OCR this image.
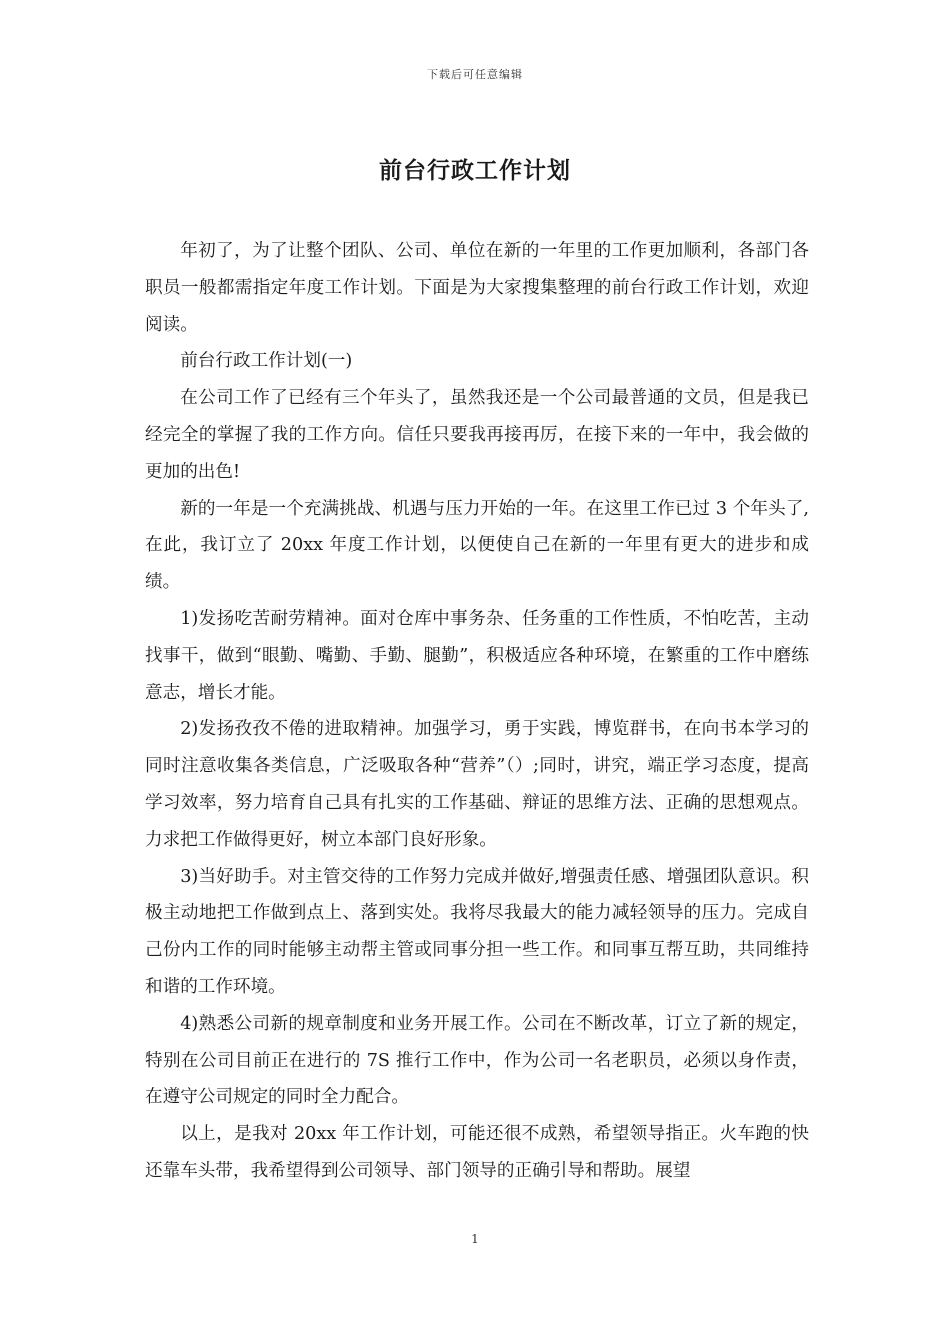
下载后可任意编辑
前台行政工作计划

年初了，为了让整个团队、公司、单位在新的一年里的工作更加顺利，各部门各职员一般都需指定年度工作计划。下面是为大家搜集整理的前台行政工作计划，欢迎阅读。

前台行政工作计划(一)

在公司工作了已经有三个年头了，虽然我还是一个公司最普通的文员，但是我已经完全的掌握了我的工作方向。信任只要我再接再厉，在接下来的一年中，我会做的更加的出色!

新的一年是一个充满挑战、机遇与压力开始的一年。在这里工作已过 3 个年头了,在此，我订立了 20xx 年度工作计划，以便使自己在新的一年里有更大的进步和成绩。

1)发扬吃苦耐劳精神。面对仓库中事务杂、任务重的工作性质，不怕吃苦，主动找事干，做到“眼勤、嘴勤、手勤、腿勤”，积极适应各种环境，在繁重的工作中磨练意志，增长才能。

2)发扬孜孜不倦的进取精神。加强学习，勇于实践，博览群书，在向书本学习的同时注意收集各类信息，广泛吸取各种“营养”（）;同时，讲究，端正学习态度，提高学习效率，努力培育自己具有扎实的工作基础、辩证的思维方法、正确的思想观点。力求把工作做得更好，树立本部门良好形象。

3)当好助手。对主管交待的工作努力完成并做好,增强责任感、增强团队意识。积极主动地把工作做到点上、落到实处。我将尽我最大的能力减轻领导的压力。完成自己份内工作的同时能够主动帮主管或同事分担一些工作。和同事互帮互助，共同维持和谐的工作环境。

4)熟悉公司新的规章制度和业务开展工作。公司在不断改革，订立了新的规定，特别在公司目前正在进行的 7S 推行工作中，作为公司一名老职员，必须以身作责，在遵守公司规定的同时全力配合。

以上，是我对 20xx 年工作计划，可能还很不成熟，希望领导指正。火车跑的快还靠车头带，我希望得到公司领导、部门领导的正确引导和帮助。展望

1
